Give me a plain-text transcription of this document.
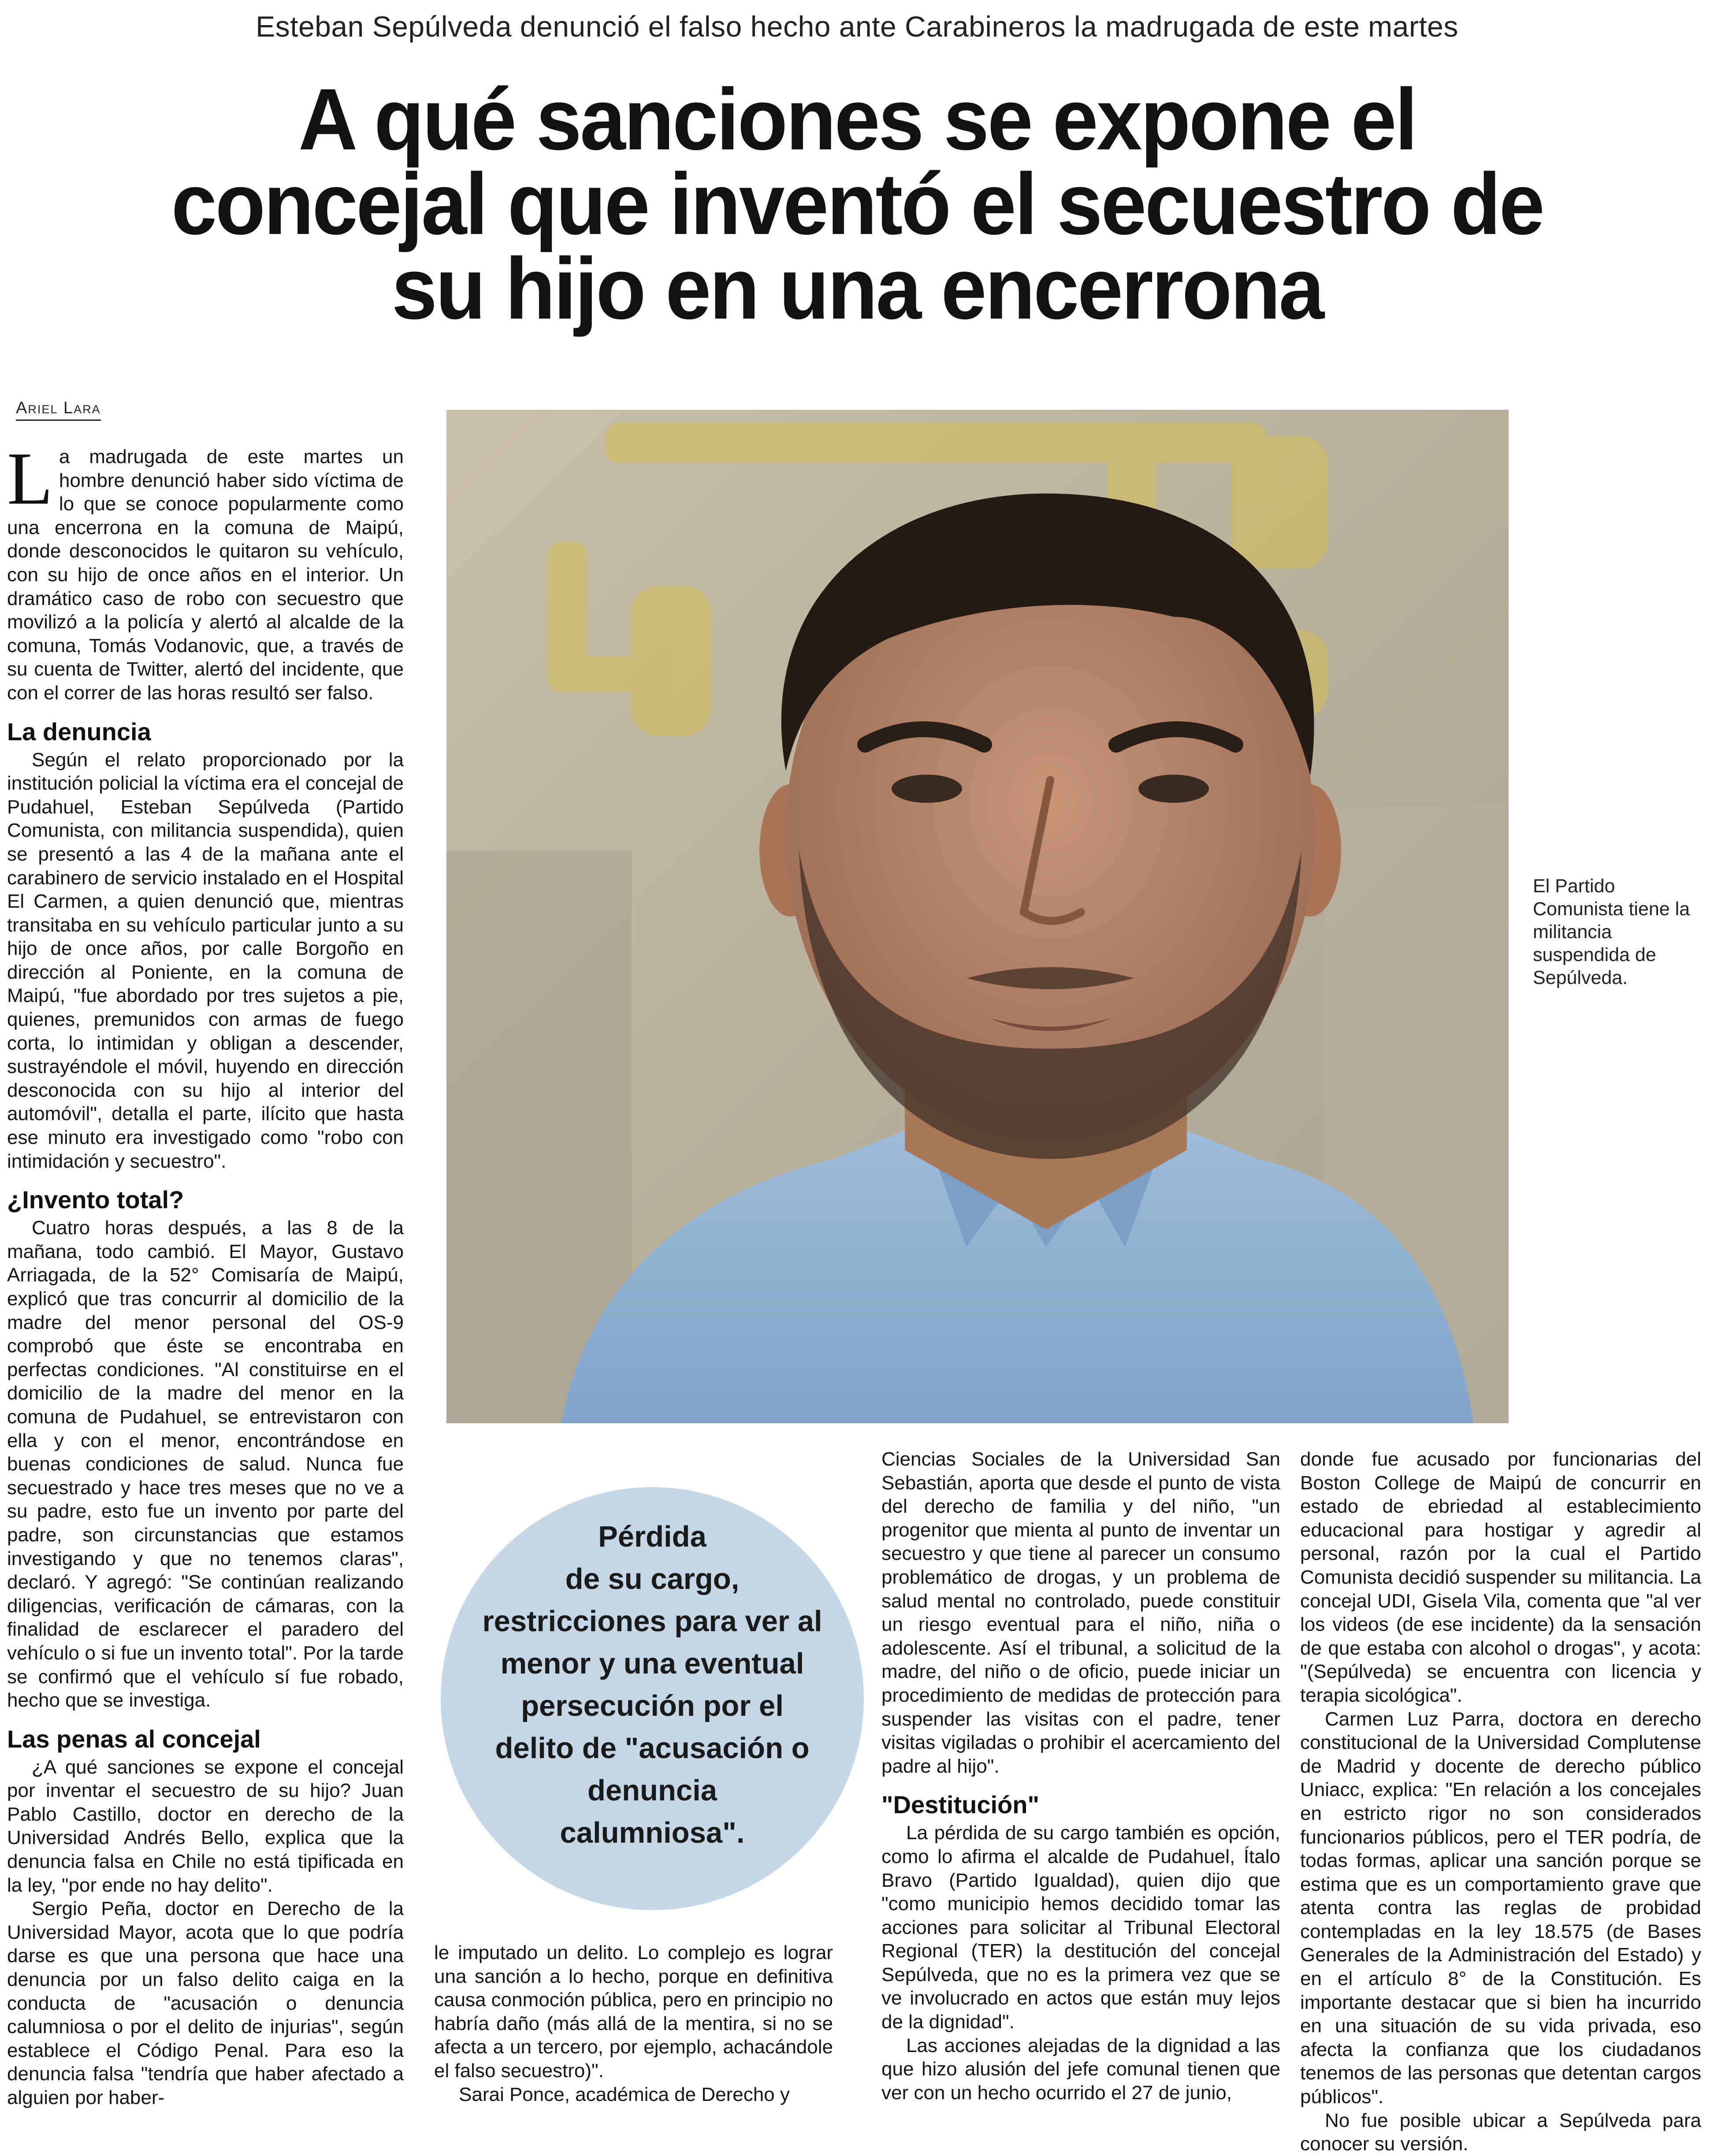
Esteban Sepúlveda denunció el falso hecho ante Carabineros la madrugada de este martes
A qué sanciones se expone el
concejal que inventó el secuestro de
su hijo en una encerrona
Ariel Lara

La madrugada de este martes un hombre denunció haber sido víctima de lo que se conoce popularmente como una encerrona en la comuna de Maipú, donde desconocidos le quitaron su vehículo, con su hijo de once años en el interior. Un dramático caso de robo con secuestro que movilizó a la policía y alertó al alcalde de la comuna, Tomás Vodanovic, que, a través de su cuenta de Twitter, alertó del incidente, que con el correr de las horas resultó ser falso.

La denuncia

Según el relato proporcionado por la institución policial la víctima era el concejal de Pudahuel, Esteban Sepúlveda (Partido Comunista, con militancia suspendida), quien se presentó a las 4 de la mañana ante el carabinero de servicio instalado en el Hospital El Carmen, a quien denunció que, mientras transitaba en su vehículo particular junto a su hijo de once años, por calle Borgoño en dirección al Poniente, en la comuna de Maipú, "fue abordado por tres sujetos a pie, quienes, premunidos con armas de fuego corta, lo intimidan y obligan a descender, sustrayéndole el móvil, huyendo en dirección desconocida con su hijo al interior del automóvil", detalla el parte, ilícito que hasta ese minuto era investigado como "robo con intimidación y secuestro".

¿Invento total?

Cuatro horas después, a las 8 de la mañana, todo cambió. El Mayor, Gustavo Arriagada, de la 52° Comisaría de Maipú, explicó que tras concurrir al domicilio de la madre del menor personal del OS-9 comprobó que éste se encontraba en perfectas condiciones. "Al constituirse en el domicilio de la madre del menor en la comuna de Pudahuel, se entrevistaron con ella y con el menor, encontrándose en buenas condiciones de salud. Nunca fue secuestrado y hace tres meses que no ve a su padre, esto fue un invento por parte del padre, son circunstancias que estamos investigando y que no tenemos claras", declaró. Y agregó: "Se continúan realizando diligencias, verificación de cámaras, con la finalidad de esclarecer el paradero del vehículo o si fue un invento total". Por la tarde se confirmó que el vehículo sí fue robado, hecho que se investiga.

Las penas al concejal

¿A qué sanciones se expone el concejal por inventar el secuestro de su hijo? Juan Pablo Castillo, doctor en derecho de la Universidad Andrés Bello, explica que la denuncia falsa en Chile no está tipificada en la ley, "por ende no hay delito".

Sergio Peña, doctor en Derecho de la Universidad Mayor, acota que lo que podría darse es que una persona que hace una denuncia por un falso delito caiga en la conducta de "acusación o denuncia calumniosa o por el delito de injurias", según establece el Código Penal. Para eso la denuncia falsa "tendría que haber afectado a alguien por haber-

El Partido Comunista tiene la militancia suspendida de Sepúlveda.
Pérdida
de su cargo,
restricciones para ver al
menor y una eventual
persecución por el
delito de "acusación o
denuncia
calumniosa".

le imputado un delito. Lo complejo es lograr una sanción a lo hecho, porque en definitiva causa conmoción pública, pero en principio no habría daño (más allá de la mentira, si no se afecta a un tercero, por ejemplo, achacándole el falso secuestro)".

Sarai Ponce, académica de Derecho y

Ciencias Sociales de la Universidad San Sebastián, aporta que desde el punto de vista del derecho de familia y del niño, "un progenitor que mienta al punto de inventar un secuestro y que tiene al parecer un consumo problemático de drogas, y un problema de salud mental no controlado, puede constituir un riesgo eventual para el niño, niña o adolescente. Así el tribunal, a solicitud de la madre, del niño o de oficio, puede iniciar un procedimiento de medidas de protección para suspender las visitas con el padre, tener visitas vigiladas o prohibir el acercamiento del padre al hijo".

"Destitución"

La pérdida de su cargo también es opción, como lo afirma el alcalde de Pudahuel, Ítalo Bravo (Partido Igualdad), quien dijo que "como municipio hemos decidido tomar las acciones para solicitar al Tribunal Electoral Regional (TER) la destitución del concejal Sepúlveda, que no es la primera vez que se ve involucrado en actos que están muy lejos de la dignidad".

Las acciones alejadas de la dignidad a las que hizo alusión del jefe comunal tienen que ver con un hecho ocurrido el 27 de junio,

donde fue acusado por funcionarias del Boston College de Maipú de concurrir en estado de ebriedad al establecimiento educacional para hostigar y agredir al personal, razón por la cual el Partido Comunista decidió suspender su militancia. La concejal UDI, Gisela Vila, comenta que "al ver los videos (de ese incidente) da la sensación de que estaba con alcohol o drogas", y acota: "(Sepúlveda) se encuentra con licencia y terapia sicológica".

Carmen Luz Parra, doctora en derecho constitucional de la Universidad Complutense de Madrid y docente de derecho público Uniacc, explica: "En relación a los concejales en estricto rigor no son considerados funcionarios públicos, pero el TER podría, de todas formas, aplicar una sanción porque se estima que es un comportamiento grave que atenta contra las reglas de probidad contempladas en la ley 18.575 (de Bases Generales de la Administración del Estado) y en el artículo 8° de la Constitución. Es importante destacar que si bien ha incurrido en una situación de su vida privada, eso afecta la confianza que los ciudadanos tenemos de las personas que detentan cargos públicos".

No fue posible ubicar a Sepúlveda para conocer su versión.
